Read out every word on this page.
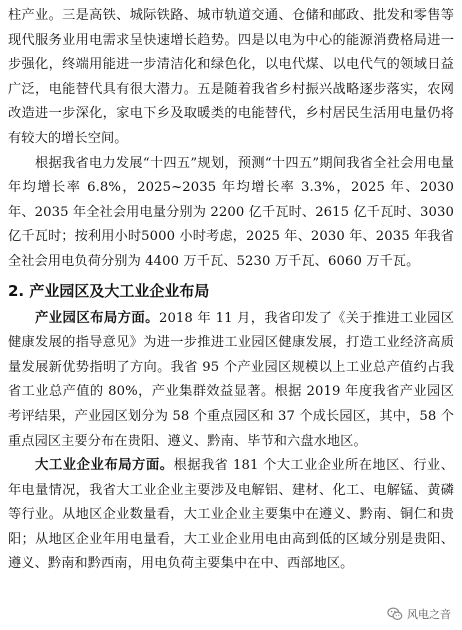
柱产业。三是高铁、城际铁路、城市轨道交通、仓储和邮政、批发和零售等现代服务业用电需求呈快速增长趋势。四是以电为中心的能源消费格局进一步强化，终端用能进一步清洁化和绿色化，以电代煤、以电代气的领域日益广泛，电能替代具有很大潜力。五是随着我省乡村振兴战略逐步落实，农网改造进一步深化，家电下乡及取暖类的电能替代，乡村居民生活用电量仍将有较大的增长空间。

根据我省电力发展“十四五”规划，预测“十四五”期间我省全社会用电量年均增长率 6.8%，2025~2035 年均增长率 3.3%，2025 年、2030 年、2035 年全社会用电量分别为 2200 亿千瓦时、2615 亿千瓦时、3030 亿千瓦时；按利用小时5000 小时考虑，2025 年、2030 年、2035 年我省全社会用电负荷分别为 4400 万千瓦、5230 万千瓦、6060 万千瓦。

2. 产业园区及大工业企业布局

产业园区布局方面。2018 年 11 月，我省印发了《关于推进工业园区健康发展的指导意见》为进一步推进工业园区健康发展，打造工业经济高质量发展新优势指明了方向。我省 95 个产业园区规模以上工业总产值约占我省工业总产值的 80%，产业集群效益显著。根据 2019 年度我省产业园区考评结果，产业园区划分为 58 个重点园区和 37 个成长园区，其中，58 个重点园区主要分布在贵阳、遵义、黔南、毕节和六盘水地区。

大工业企业布局方面。根据我省 181 个大工业企业所在地区、行业、年电量情况，我省大工业企业主要涉及电解铝、建材、化工、电解锰、黄磷等行业。从地区企业数量看，大工业企业主要集中在遵义、黔南、铜仁和贵阳；从地区企业年用电量看，大工业企业用电由高到低的区域分别是贵阳、遵义、黔南和黔西南，用电负荷主要集中在中、西部地区。

风电之音
